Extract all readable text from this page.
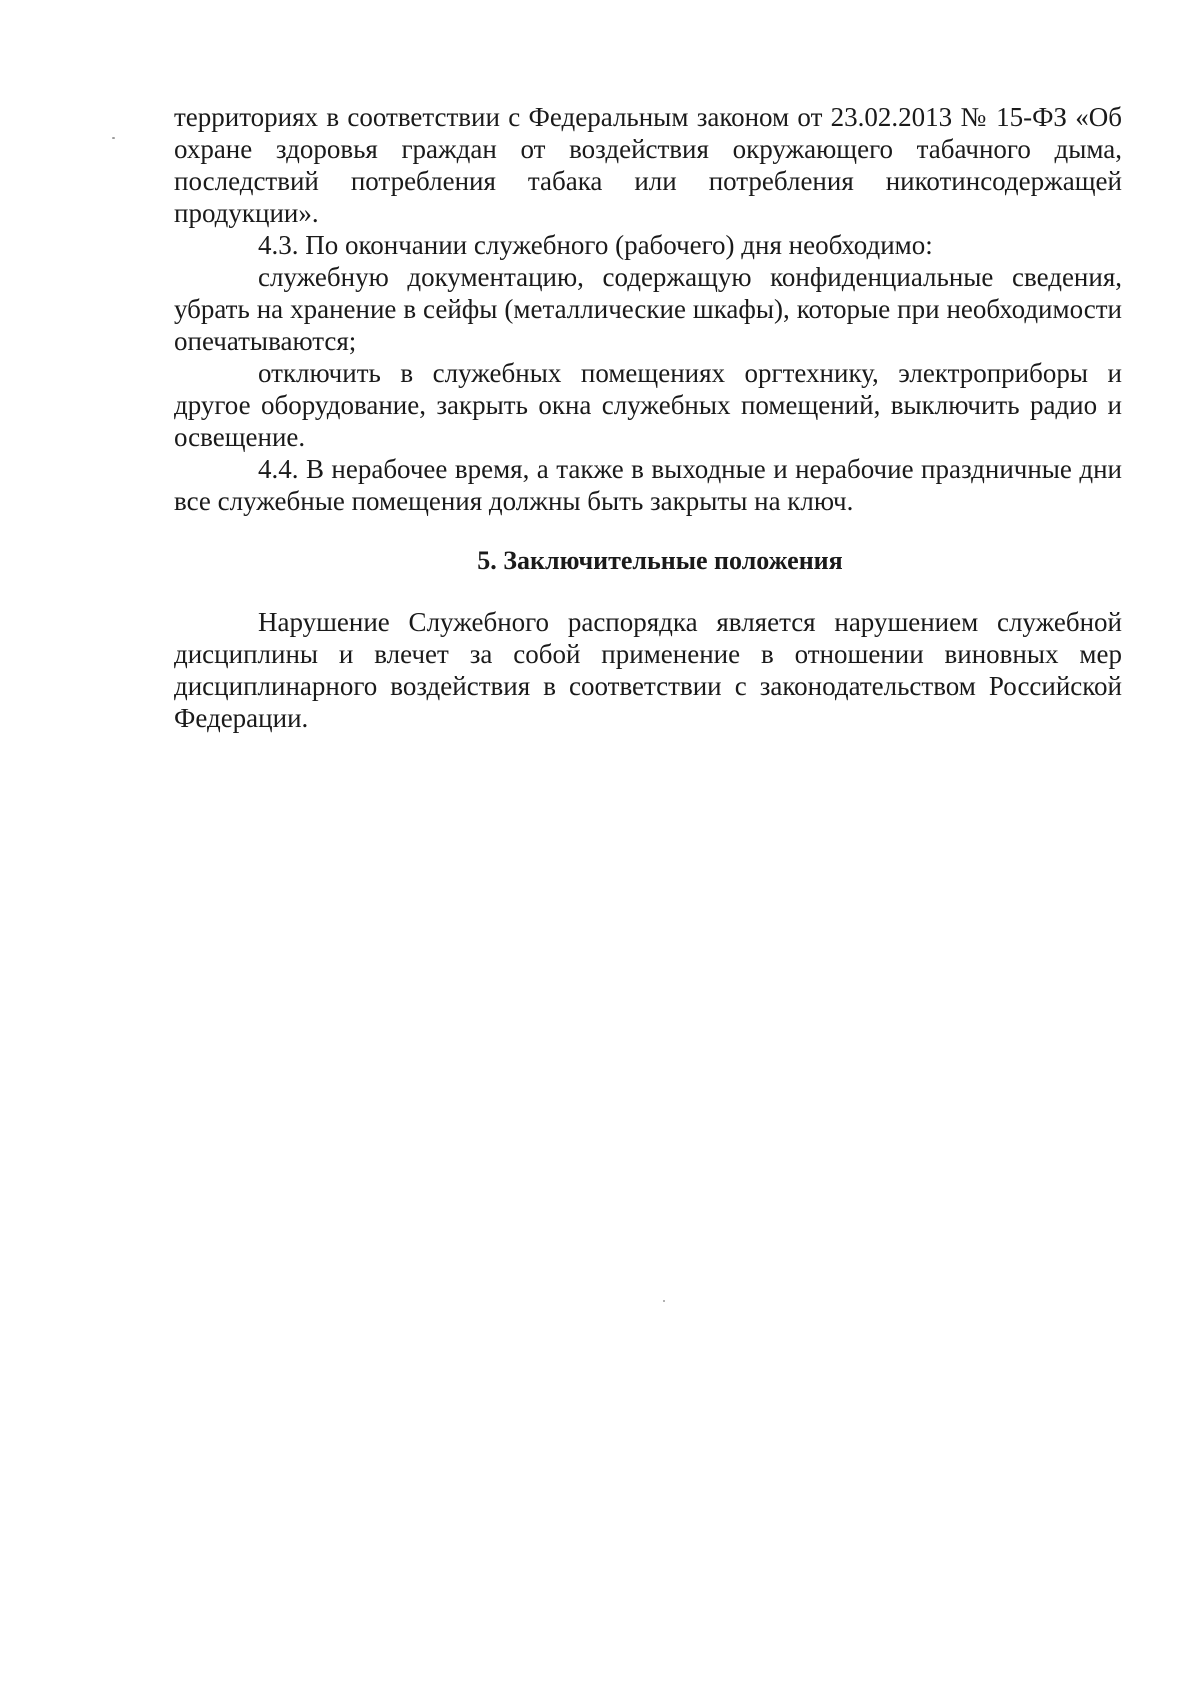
территориях в соответствии с Федеральным законом от 23.02.2013 № 15-ФЗ «Об охране здоровья граждан от воздействия окружающего табачного дыма, последствий потребления табака или потребления никотинсодержащей продукции».

4.3. По окончании служебного (рабочего) дня необходимо:

служебную документацию, содержащую конфиденциальные сведения, убрать на хранение в сейфы (металлические шкафы), которые при необходимости опечатываются;

отключить в служебных помещениях оргтехнику, электроприборы и другое оборудование, закрыть окна служебных помещений, выключить радио и освещение.

4.4. В нерабочее время, а также в выходные и нерабочие праздничные дни все служебные помещения должны быть закрыты на ключ.

5. Заключительные положения

Нарушение Служебного распорядка является нарушением служебной дисциплины и влечет за собой применение в отношении виновных мер дисциплинарного воздействия в соответствии с законодательством Российской Федерации.
